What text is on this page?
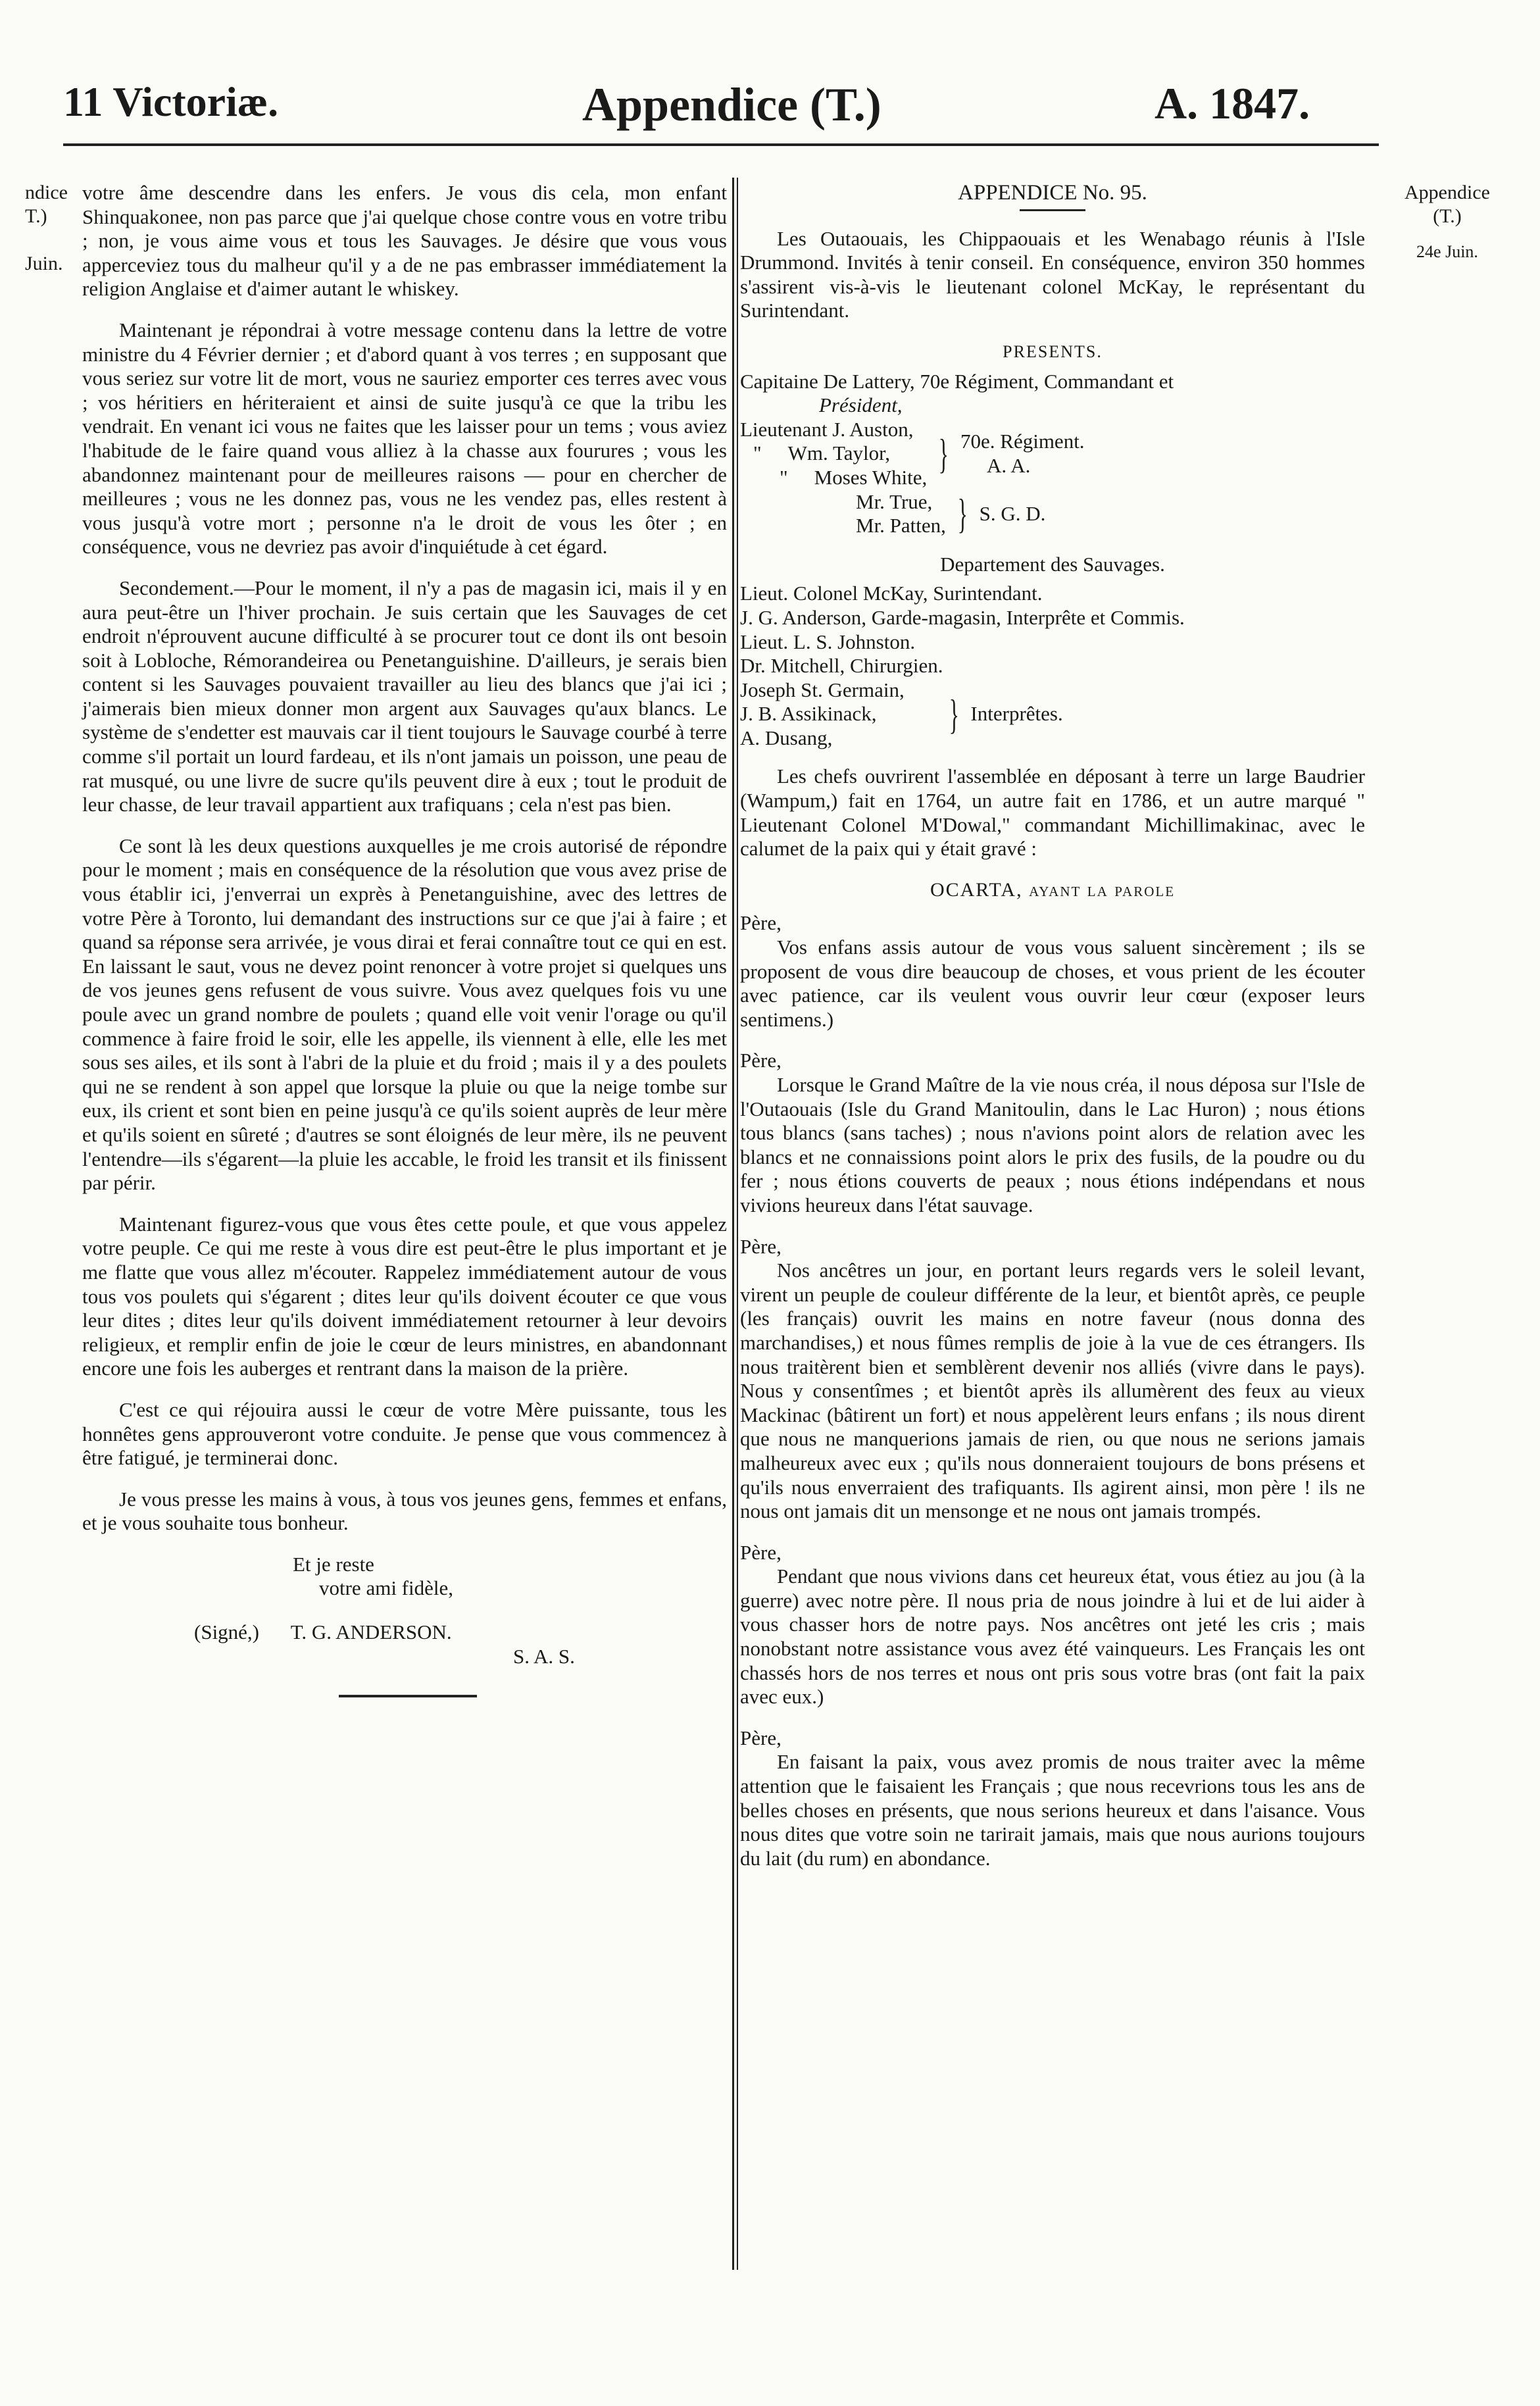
11 Victoriæ.	Appendice (T.)	A. 1847.
ndice
T.)
Juin.
Appendice
(T.)
24e Juin.

votre âme descendre dans les enfers. Je vous dis cela, mon enfant Shinquakonee, non pas parce que j'ai quelque chose contre vous en votre tribu ; non, je vous aime vous et tous les Sauvages. Je désire que vous vous apperceviez tous du malheur qu'il y a de ne pas embrasser immédiatement la religion Anglaise et d'aimer autant le whiskey.

Maintenant je répondrai à votre message contenu dans la lettre de votre ministre du 4 Février dernier ; et d'abord quant à vos terres ; en supposant que vous seriez sur votre lit de mort, vous ne sauriez emporter ces terres avec vous ; vos héritiers en hériteraient et ainsi de suite jusqu'à ce que la tribu les vendrait. En venant ici vous ne faites que les laisser pour un tems ; vous aviez l'habitude de le faire quand vous alliez à la chasse aux fourures ; vous les abandonnez maintenant pour de meilleures raisons — pour en chercher de meilleures ; vous ne les donnez pas, vous ne les vendez pas, elles restent à vous jusqu'à votre mort ; personne n'a le droit de vous les ôter ; en conséquence, vous ne devriez pas avoir d'inquiétude à cet égard.

Secondement.—Pour le moment, il n'y a pas de magasin ici, mais il y en aura peut-être un l'hiver prochain. Je suis certain que les Sauvages de cet endroit n'éprouvent aucune difficulté à se procurer tout ce dont ils ont besoin soit à Lobloche, Rémorandeirea ou Penetanguishine. D'ailleurs, je serais bien content si les Sauvages pouvaient travailler au lieu des blancs que j'ai ici ; j'aimerais bien mieux donner mon argent aux Sauvages qu'aux blancs. Le système de s'endetter est mauvais car il tient toujours le Sauvage courbé à terre comme s'il portait un lourd fardeau, et ils n'ont jamais un poisson, une peau de rat musqué, ou une livre de sucre qu'ils peuvent dire à eux ; tout le produit de leur chasse, de leur travail appartient aux trafiquans ; cela n'est pas bien.

Ce sont là les deux questions auxquelles je me crois autorisé de répondre pour le moment ; mais en conséquence de la résolution que vous avez prise de vous établir ici, j'enverrai un exprès à Penetanguishine, avec des lettres de votre Père à Toronto, lui demandant des instructions sur ce que j'ai à faire ; et quand sa réponse sera arrivée, je vous dirai et ferai connaître tout ce qui en est. En laissant le saut, vous ne devez point renoncer à votre projet si quelques uns de vos jeunes gens refusent de vous suivre. Vous avez quelques fois vu une poule avec un grand nombre de poulets ; quand elle voit venir l'orage ou qu'il commence à faire froid le soir, elle les appelle, ils viennent à elle, elle les met sous ses ailes, et ils sont à l'abri de la pluie et du froid ; mais il y a des poulets qui ne se rendent à son appel que lorsque la pluie ou que la neige tombe sur eux, ils crient et sont bien en peine jusqu'à ce qu'ils soient auprès de leur mère et qu'ils soient en sûreté ; d'autres se sont éloignés de leur mère, ils ne peuvent l'entendre—ils s'égarent—la pluie les accable, le froid les transit et ils finissent par périr.

Maintenant figurez-vous que vous êtes cette poule, et que vous appelez votre peuple. Ce qui me reste à vous dire est peut-être le plus important et je me flatte que vous allez m'écouter. Rappelez immédiatement autour de vous tous vos poulets qui s'égarent ; dites leur qu'ils doivent écouter ce que vous leur dites ; dites leur qu'ils doivent immédiatement retourner à leur devoirs religieux, et remplir enfin de joie le cœur de leurs ministres, en abandonnant encore une fois les auberges et rentrant dans la maison de la prière.

C'est ce qui réjouira aussi le cœur de votre Mère puissante, tous les honnêtes gens approuveront votre conduite. Je pense que vous commencez à être fatigué, je terminerai donc.

Je vous presse les mains à vous, à tous vos jeunes gens, femmes et enfans, et je vous souhaite tous bonheur.

Et je reste
votre ami fidèle,
(Signé,) T. G. ANDERSON.
S. A. S.
APPENDICE No. 95.

Les Outaouais, les Chippaouais et les Wenabago réunis à l'Isle Drummond. Invités à tenir conseil. En conséquence, environ 350 hommes s'assirent vis-à-vis le lieutenant colonel McKay, le représentant du Surintendant.

PRESENTS.
Capitaine De Lattery, 70e Régiment, Commandant et
Président,
Lieutenant J. Auston,
" Wm. Taylor,
" Moses White,
} 70e. Régiment.
A. A.
Mr. True,
Mr. Patten, } S. G. D.
Departement des Sauvages.
Lieut. Colonel McKay, Surintendant.
J. G. Anderson, Garde-magasin, Interprête et Commis.
Lieut. L. S. Johnston.
Dr. Mitchell, Chirurgien.
Joseph St. Germain,
J. B. Assikinack,
A. Dusang,
} Interprêtes.

Les chefs ouvrirent l'assemblée en déposant à terre un large Baudrier (Wampum,) fait en 1764, un autre fait en 1786, et un autre marqué " Lieutenant Colonel M'Dowal," commandant Michillimakinac, avec le calumet de la paix qui y était gravé :

OCARTA, ayant la parole
Père,

Vos enfans assis autour de vous vous saluent sincèrement ; ils se proposent de vous dire beaucoup de choses, et vous prient de les écouter avec patience, car ils veulent vous ouvrir leur cœur (exposer leurs sentimens.)

Père,

Lorsque le Grand Maître de la vie nous créa, il nous déposa sur l'Isle de l'Outaouais (Isle du Grand Manitoulin, dans le Lac Huron) ; nous étions tous blancs (sans taches) ; nous n'avions point alors de relation avec les blancs et ne connaissions point alors le prix des fusils, de la poudre ou du fer ; nous étions couverts de peaux ; nous étions indépendans et nous vivions heureux dans l'état sauvage.

Père,

Nos ancêtres un jour, en portant leurs regards vers le soleil levant, virent un peuple de couleur différente de la leur, et bientôt après, ce peuple (les français) ouvrit les mains en notre faveur (nous donna des marchandises,) et nous fûmes remplis de joie à la vue de ces étrangers. Ils nous traitèrent bien et semblèrent devenir nos alliés (vivre dans le pays). Nous y consentîmes ; et bientôt après ils allumèrent des feux au vieux Mackinac (bâtirent un fort) et nous appelèrent leurs enfans ; ils nous dirent que nous ne manquerions jamais de rien, ou que nous ne serions jamais malheureux avec eux ; qu'ils nous donneraient toujours de bons présens et qu'ils nous enverraient des trafiquants. Ils agirent ainsi, mon père ! ils ne nous ont jamais dit un mensonge et ne nous ont jamais trompés.

Père,

Pendant que nous vivions dans cet heureux état, vous étiez au jou (à la guerre) avec notre père. Il nous pria de nous joindre à lui et de lui aider à vous chasser hors de notre pays. Nos ancêtres ont jeté les cris ; mais nonobstant notre assistance vous avez été vainqueurs. Les Français les ont chassés hors de nos terres et nous ont pris sous votre bras (ont fait la paix avec eux.)

Père,

En faisant la paix, vous avez promis de nous traiter avec la même attention que le faisaient les Français ; que nous recevrions tous les ans de belles choses en présents, que nous serions heureux et dans l'aisance. Vous nous dites que votre soin ne tarirait jamais, mais que nous aurions toujours du lait (du rum) en abondance.
